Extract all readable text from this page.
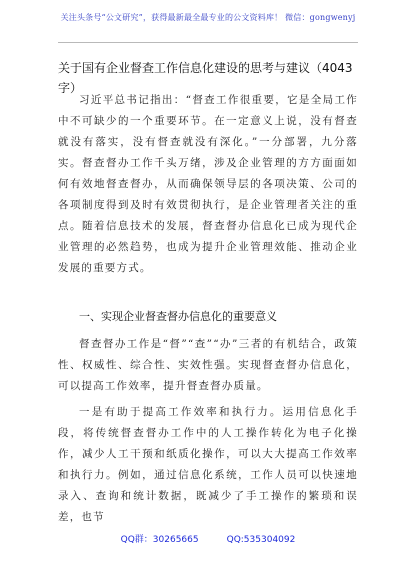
关注头条号“公文研究”，获得最新最全最专业的公文资料库！ 微信：gongwenyj
关于国有企业督查工作信息化建设的思考与建议（4043字）

习近平总书记指出：“督查工作很重要，它是全局工作中不可缺少的一个重要环节。在一定意义上说，没有督查就没有落实，没有督查就没有深化。”一分部署，九分落实。督查督办工作千头万绪，涉及企业管理的方方面面如何有效地督查督办，从而确保领导层的各项决策、公司的各项制度得到及时有效贯彻执行，是企业管理者关注的重点。随着信息技术的发展，督查督办信息化已成为现代企业管理的必然趋势，也成为提升企业管理效能、推动企业发展的重要方式。

一、实现企业督查督办信息化的重要意义

督查督办工作是“督”“查”“办”三者的有机结合，政策性、权威性、综合性、实效性强。实现督查督办信息化，可以提高工作效率，提升督查督办质量。

一是有助于提高工作效率和执行力。运用信息化手段，将传统督查督办工作中的人工操作转化为电子化操作，减少人工干预和纸质化操作，可以大大提高工作效率和执行力。例如，通过信息化系统，工作人员可以快速地录入、查询和统计数据，既减少了手工操作的繁琐和误差，也节

QQ群：30265665	QQ:535304092
